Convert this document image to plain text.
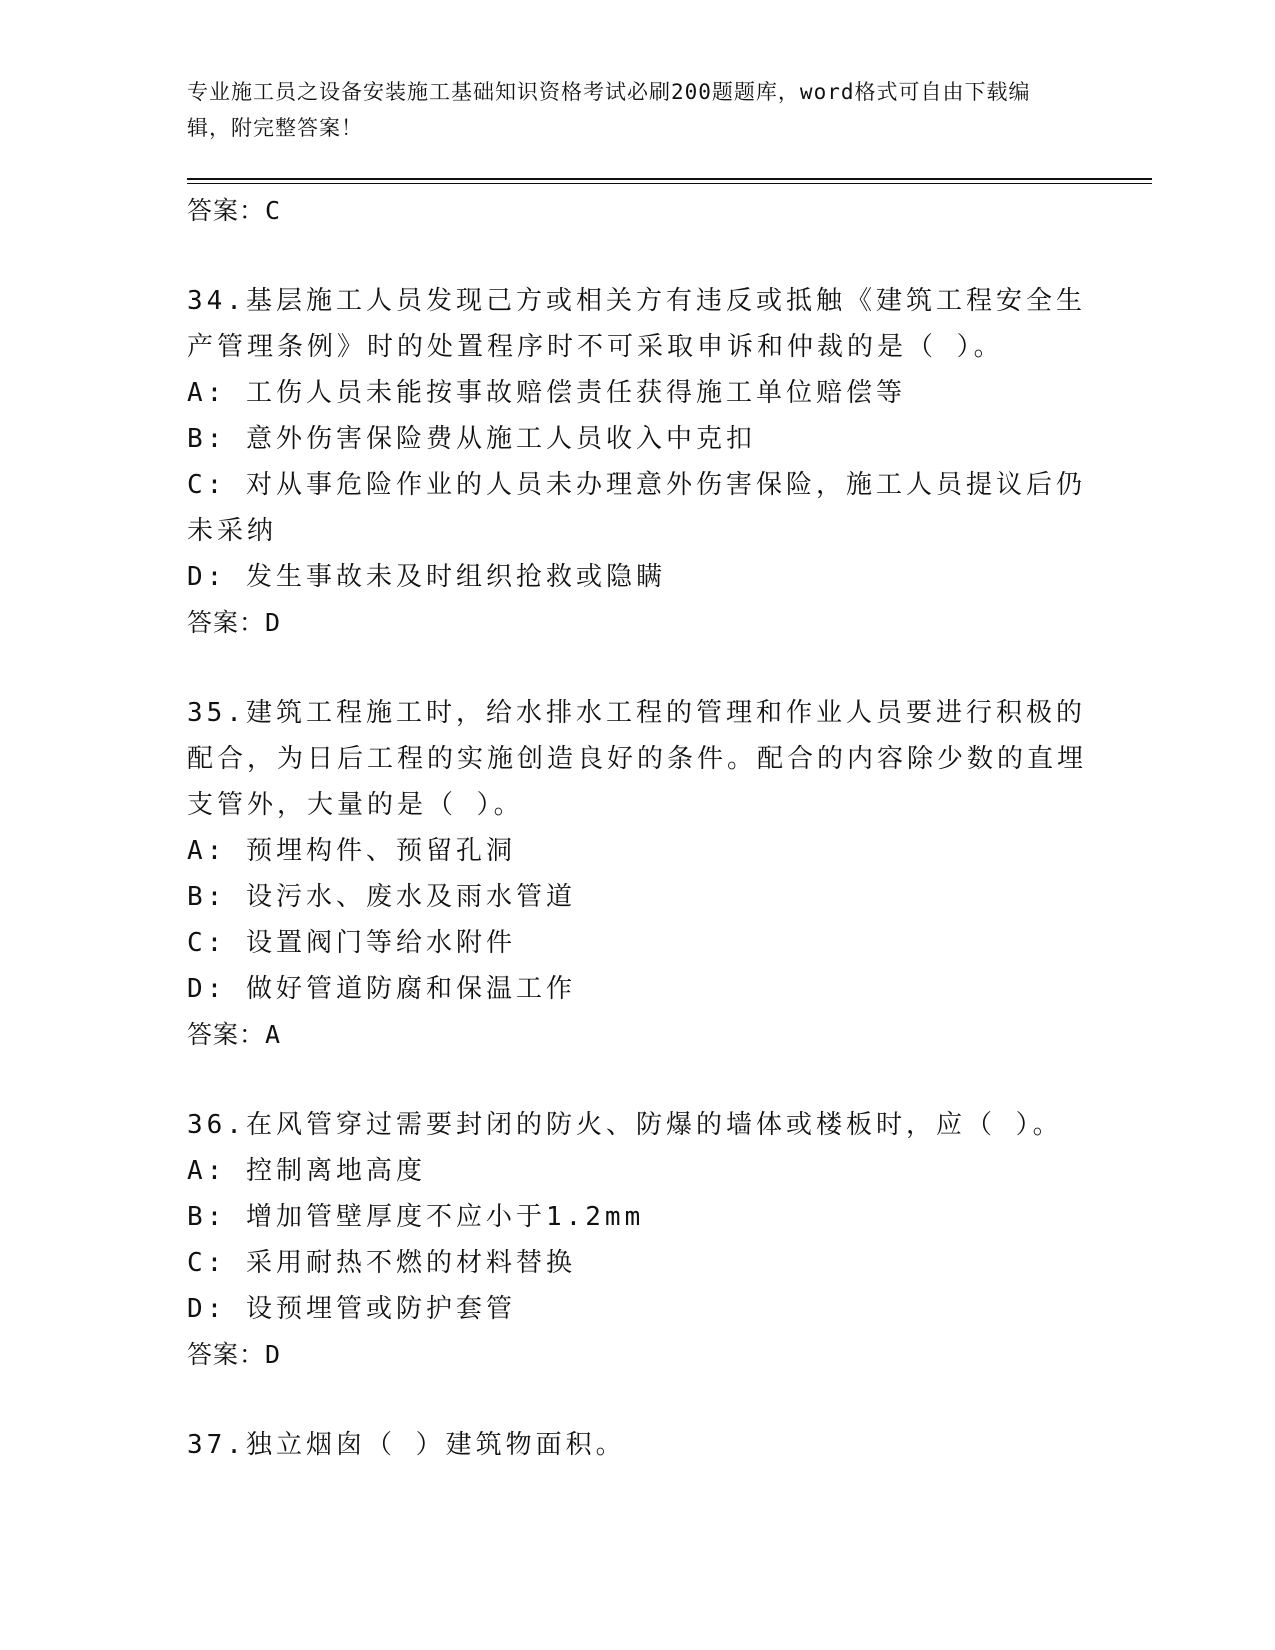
专业施工员之设备安装施工基础知识资格考试必刷200题题库，word格式可自由下载编辑，附完整答案！
答案：C
34.基层施工人员发现己方或相关方有违反或抵触《建筑工程安全生产管理条例》时的处置程序时不可采取申诉和仲裁的是（ ）。
A: 工伤人员未能按事故赔偿责任获得施工单位赔偿等
B: 意外伤害保险费从施工人员收入中克扣
C: 对从事危险作业的人员未办理意外伤害保险，施工人员提议后仍未采纳
D: 发生事故未及时组织抢救或隐瞒
答案：D
35.建筑工程施工时，给水排水工程的管理和作业人员要进行积极的配合，为日后工程的实施创造良好的条件。配合的内容除少数的直埋支管外，大量的是（ ）。
A: 预埋构件、预留孔洞
B: 设污水、废水及雨水管道
C: 设置阀门等给水附件
D: 做好管道防腐和保温工作
答案：A
36.在风管穿过需要封闭的防火、防爆的墙体或楼板时，应（ ）。
A: 控制离地高度
B: 增加管壁厚度不应小于1.2mm
C: 采用耐热不燃的材料替换
D: 设预埋管或防护套管
答案：D
37.独立烟囱（ ）建筑物面积。
